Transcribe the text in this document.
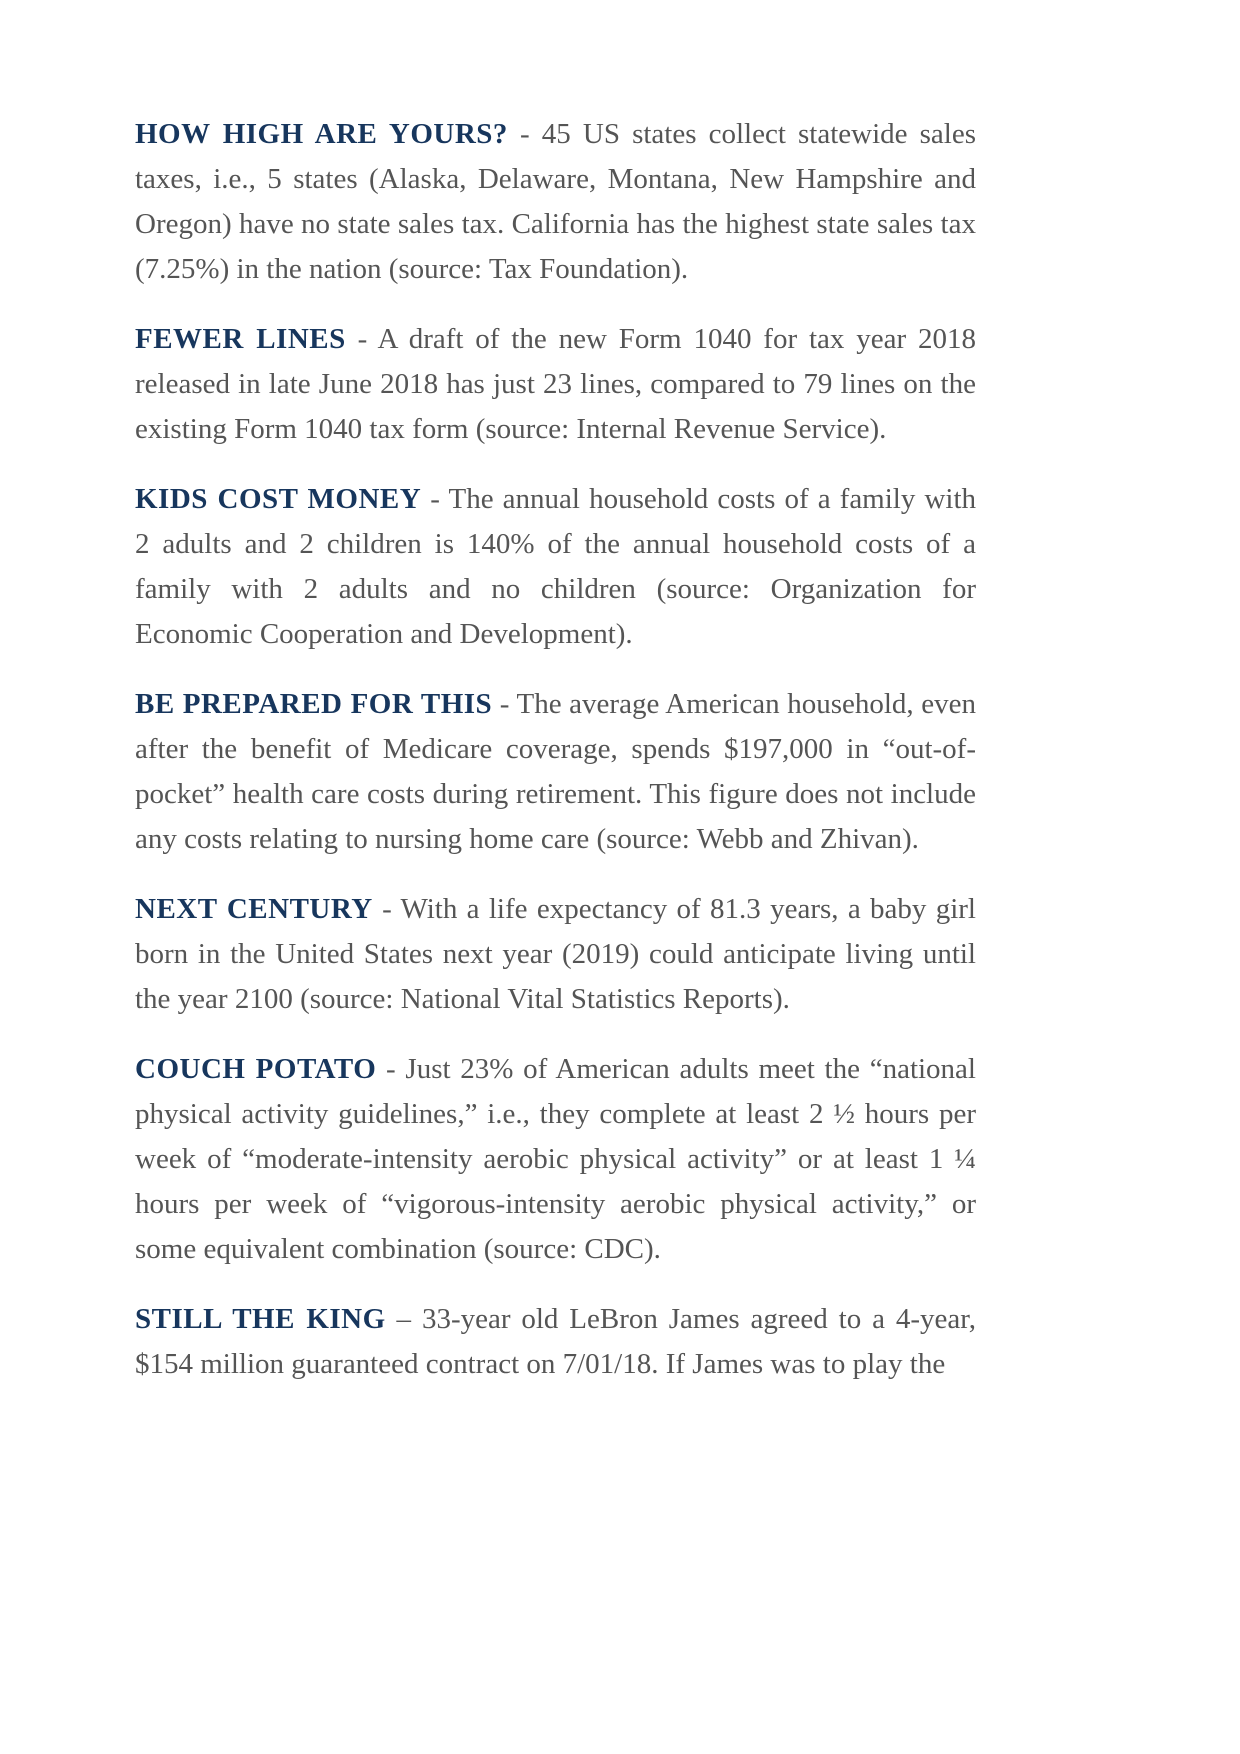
HOW HIGH ARE YOURS? - 45 US states collect statewide sales taxes, i.e., 5 states (Alaska, Delaware, Montana, New Hampshire and Oregon) have no state sales tax. California has the highest state sales tax (7.25%) in the nation (source: Tax Foundation).

FEWER LINES - A draft of the new Form 1040 for tax year 2018 released in late June 2018 has just 23 lines, compared to 79 lines on the existing Form 1040 tax form (source: Internal Revenue Service).

KIDS COST MONEY - The annual household costs of a family with 2 adults and 2 children is 140% of the annual household costs of a family with 2 adults and no children (source: Organization for Economic Cooperation and Development).

BE PREPARED FOR THIS - The average American household, even after the benefit of Medicare coverage, spends $197,000 in “out-of-pocket” health care costs during retirement. This figure does not include any costs relating to nursing home care (source: Webb and Zhivan).

NEXT CENTURY - With a life expectancy of 81.3 years, a baby girl born in the United States next year (2019) could anticipate living until the year 2100 (source: National Vital Statistics Reports).

COUCH POTATO - Just 23% of American adults meet the “national physical activity guidelines,” i.e., they complete at least 2 ½ hours per week of “moderate-intensity aerobic physical activity” or at least 1 ¼ hours per week of “vigorous-intensity aerobic physical activity,” or some equivalent combination (source: CDC).

STILL THE KING – 33-year old LeBron James agreed to a 4-year, $154 million guaranteed contract on 7/01/18. If James was to play the
